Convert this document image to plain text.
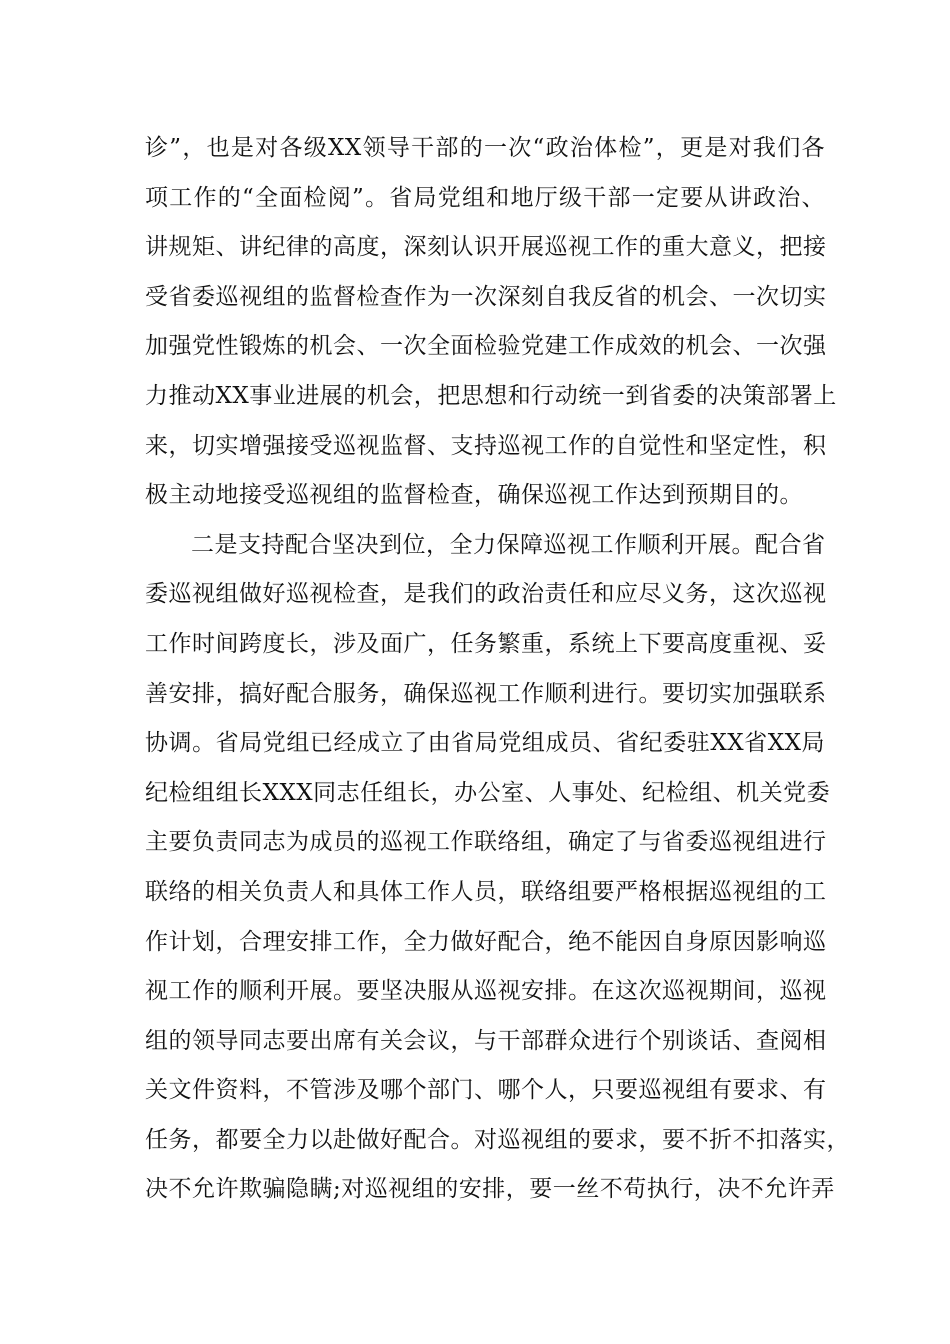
诊”，也是对各级XX领导干部的一次“政治体检”，更是对我们各
项工作的“全面检阅”。省局党组和地厅级干部一定要从讲政治、
讲规矩、讲纪律的高度，深刻认识开展巡视工作的重大意义，把接
受省委巡视组的监督检查作为一次深刻自我反省的机会、一次切实
加强党性锻炼的机会、一次全面检验党建工作成效的机会、一次强
力推动XX事业进展的机会，把思想和行动统一到省委的决策部署上
来，切实增强接受巡视监督、支持巡视工作的自觉性和坚定性，积
极主动地接受巡视组的监督检查，确保巡视工作达到预期目的。
二是支持配合坚决到位，全力保障巡视工作顺利开展。配合省
委巡视组做好巡视检查，是我们的政治责任和应尽义务，这次巡视
工作时间跨度长，涉及面广，任务繁重，系统上下要高度重视、妥
善安排，搞好配合服务，确保巡视工作顺利进行。要切实加强联系
协调。省局党组已经成立了由省局党组成员、省纪委驻XX省XX局
纪检组组长XXX同志任组长，办公室、人事处、纪检组、机关党委
主要负责同志为成员的巡视工作联络组，确定了与省委巡视组进行
联络的相关负责人和具体工作人员，联络组要严格根据巡视组的工
作计划，合理安排工作，全力做好配合，绝不能因自身原因影响巡
视工作的顺利开展。要坚决服从巡视安排。在这次巡视期间，巡视
组的领导同志要出席有关会议，与干部群众进行个别谈话、查阅相
关文件资料，不管涉及哪个部门、哪个人，只要巡视组有要求、有
任务，都要全力以赴做好配合。对巡视组的要求，要不折不扣落实，
决不允许欺骗隐瞒;对巡视组的安排，要一丝不苟执行，决不允许弄
